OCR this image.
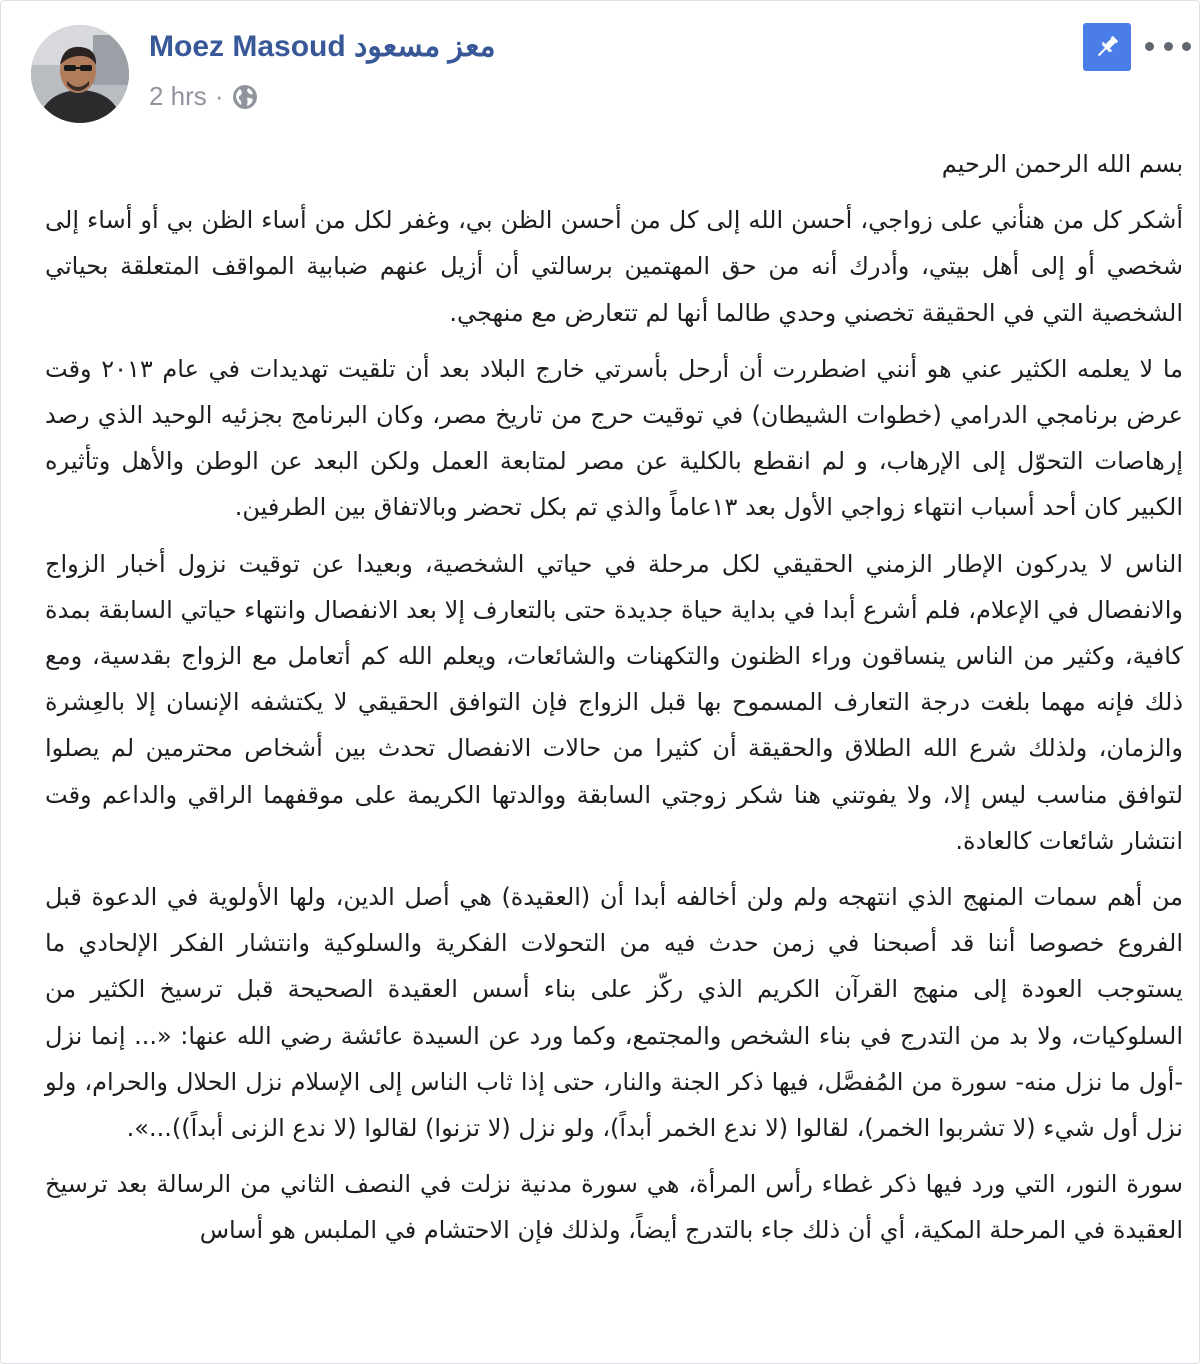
Moez Masoud معز مسعود
2 hrs ·

بسم الله الرحمن الرحيم

أشكر كل من هنأني على زواجي، أحسن الله إلى كل من أحسن الظن بي، وغفر لكل من أساء الظن بي أو أساء إلى شخصي أو إلى أهل بيتي، وأدرك أنه من حق المهتمين برسالتي أن أزيل عنهم ضبابية المواقف المتعلقة بحياتي الشخصية التي في الحقيقة تخصني وحدي طالما أنها لم تتعارض مع منهجي.

ما لا يعلمه الكثير عني هو أنني اضطررت أن أرحل بأسرتي خارج البلاد بعد أن تلقيت تهديدات في عام ٢٠١٣ وقت عرض برنامجي الدرامي (خطوات الشيطان) في توقيت حرج من تاريخ مصر، وكان البرنامج بجزئيه الوحيد الذي رصد إرهاصات التحوّل إلى الإرهاب، و لم انقطع بالكلية عن مصر لمتابعة العمل ولكن البعد عن الوطن والأهل وتأثيره الكبير كان أحد أسباب انتهاء زواجي الأول بعد ١٣عاماً والذي تم بكل تحضر وبالاتفاق بين الطرفين.

الناس لا يدركون الإطار الزمني الحقيقي لكل مرحلة في حياتي الشخصية، وبعيدا عن توقيت نزول أخبار الزواج والانفصال في الإعلام، فلم أشرع أبدا في بداية حياة جديدة حتى بالتعارف إلا بعد الانفصال وانتهاء حياتي السابقة بمدة كافية، وكثير من الناس ينساقون وراء الظنون والتكهنات والشائعات، ويعلم الله كم أتعامل مع الزواج بقدسية، ومع ذلك فإنه مهما بلغت درجة التعارف المسموح بها قبل الزواج فإن التوافق الحقيقي لا يكتشفه الإنسان إلا بالعِشرة والزمان، ولذلك شرع الله الطلاق والحقيقة أن كثيرا من حالات الانفصال تحدث بين أشخاص محترمين لم يصلوا لتوافق مناسب ليس إلا، ولا يفوتني هنا شكر زوجتي السابقة ووالدتها الكريمة على موقفهما الراقي والداعم وقت انتشار شائعات كالعادة.

من أهم سمات المنهج الذي انتهجه ولم ولن أخالفه أبدا أن (العقيدة) هي أصل الدين، ولها الأولوية في الدعوة قبل الفروع خصوصا أننا قد أصبحنا في زمن حدث فيه من التحولات الفكرية والسلوكية وانتشار الفكر الإلحادي ما يستوجب العودة إلى منهج القرآن الكريم الذي ركّز على بناء أسس العقيدة الصحيحة قبل ترسيخ الكثير من السلوكيات، ولا بد من التدرج في بناء الشخص والمجتمع، وكما ورد عن السيدة عائشة رضي الله عنها: «... إنما نزل -أول ما نزل منه- سورة من المُفصَّل، فيها ذكر الجنة والنار، حتى إذا ثاب الناس إلى الإسلام نزل الحلال والحرام، ولو نزل أول شيء (لا تشربوا الخمر)، لقالوا (لا ندع الخمر أبداً)، ولو نزل (لا تزنوا) لقالوا (لا ندع الزنى أبداً))...».

سورة النور، التي ورد فيها ذكر غطاء رأس المرأة، هي سورة مدنية نزلت في النصف الثاني من الرسالة بعد ترسيخ العقيدة في المرحلة المكية، أي أن ذلك جاء بالتدرج أيضاً، ولذلك فإن الاحتشام في الملبس هو أساس
